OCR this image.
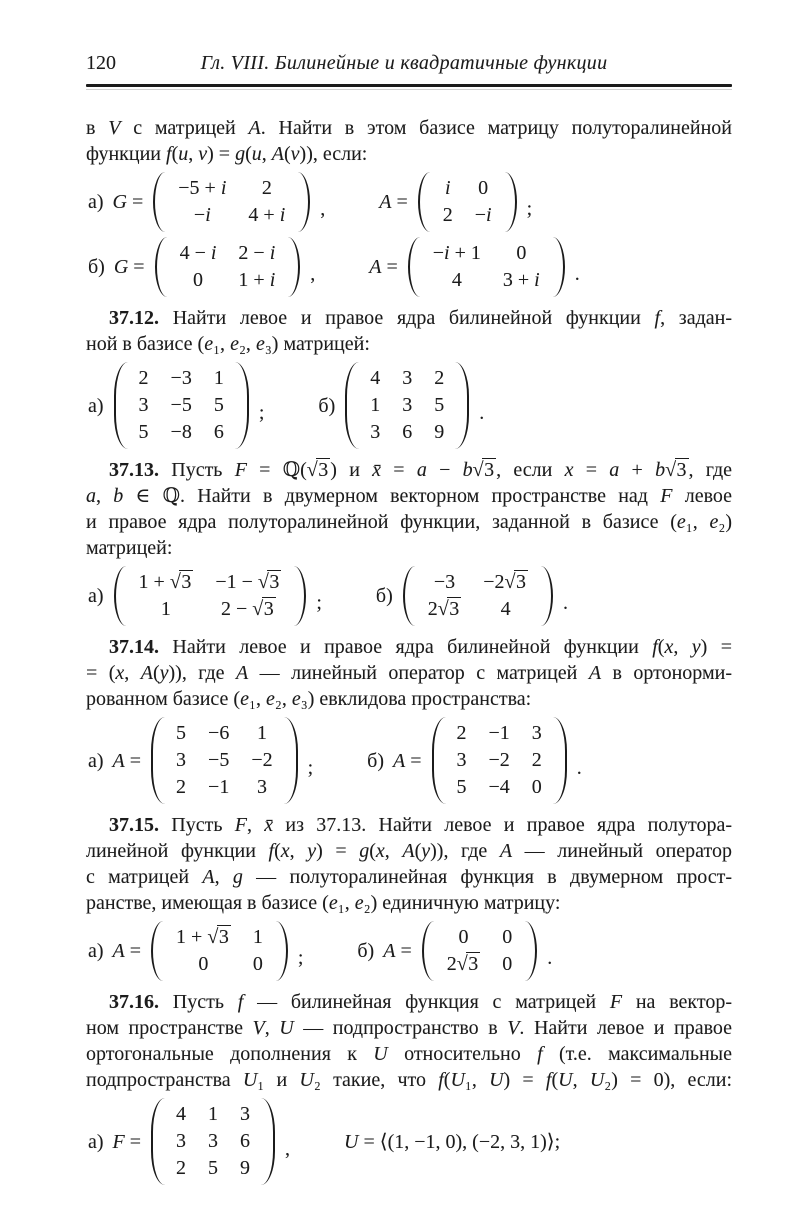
120	Гл. VIII. Билинейные и квадратичные функции
в V с матрицей A. Найти в этом базисе матрицу полуторалинейной
функции f(u, v) = g(u, A(v)), если:
а) G =
−5 + i	2
−i	4 + i	,	A =
i	0
2	−i	;
б) G =
4 − i	2 − i
0	1 + i	,	A =
−i + 1	0
4	3 + i	.
37.12. Найти левое и правое ядра билинейной функции f, задан-
ной в базисе (e₁, e₂, e₃) матрицей:
а)
2	−3	1
3	−5	5
5	−8	6
;	б)
4	3	2
1	3	5
3	6	9
.
37.13. Пусть F = ℚ(√3 ) и x̄ = a − b√3 , если x = a + b√3 , где
a, b ∈ ℚ. Найти в двумерном векторном пространстве над F левое
и правое ядра полуторалинейной функции, заданной в базисе (e₁, e₂)
матрицей:
а)
1 + √3	−1 − √3
1	2 − √3	;	б)
−3	−2√3
2√3	4	.
37.14. Найти левое и правое ядра билинейной функции f(x, y) =
= (x, A(y)), где A — линейный оператор с матрицей A в ортонорми-
рованном базисе (e₁, e₂, e₃) евклидова пространства:
а) A =
5	−6	1
3	−5	−2
2	−1	3
;	б) A =
2	−1	3
3	−2	2
5	−4	0
.
37.15. Пусть F, x̄ из 37.13. Найти левое и правое ядра полутора-
линейной функции f(x, y) = g(x, A(y)), где A — линейный оператор
с матрицей A, g — полуторалинейная функция в двумерном прост-
ранстве, имеющая в базисе (e₁, e₂) единичную матрицу:
а) A =
1 + √3	1
0	0	;	б) A =
0	0
2√3	0	.
37.16. Пусть f — билинейная функция с матрицей F на вектор-
ном пространстве V, U — подпространство в V. Найти левое и правое
ортогональные дополнения к U относительно f (т.е. максимальные
подпространства U₁ и U₂ такие, что f(U₁, U) = f(U, U₂) = 0), если:
а) F =
4	1	3
3	3	6
2	5	9
,	U = ⟨(1, −1, 0), (−2, 3, 1)⟩;
